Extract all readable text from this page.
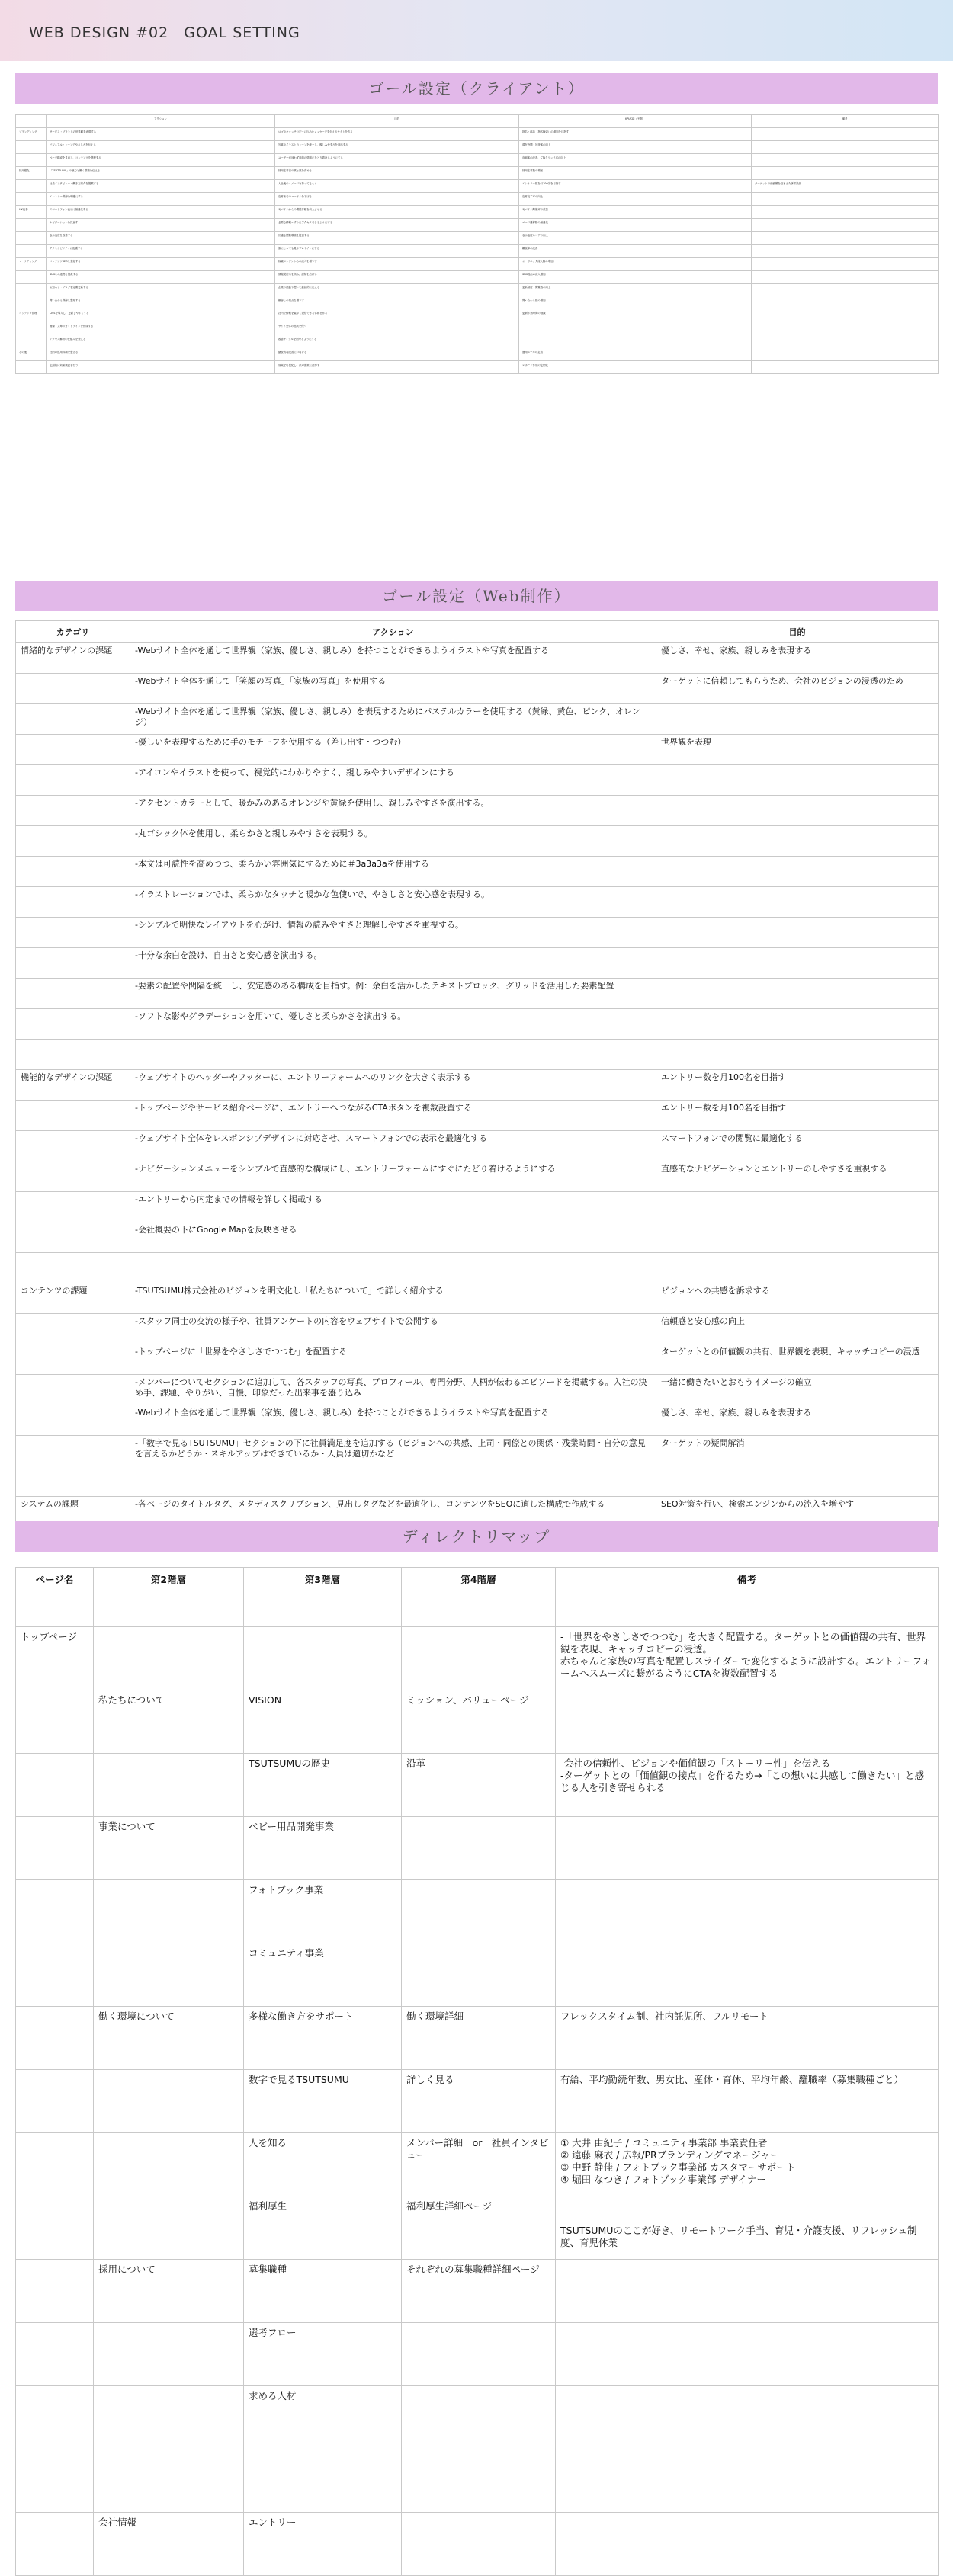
WEB DESIGN #02　GOAL SETTING
ゴール設定（クライアント）
	アクション	目的	KPI/KGI（予測）	備考
ブランディング	サービス・ブランドの世界観を表現する	ロゴやキャッチコピーに込めたメッセージを伝えるサイトを作る	指名・再訪（指名検索）の増加を目指す	
	ビジュアル・トーンでやさしさを伝える	写真やイラストのトーンを統一し、親しみやすさを演出する	滞在時間・回遊率の向上	
	ページ構成を見直し、コンテンツを整理する	ユーザーが迷わず目的の情報にたどり着けるようにする	直帰率の改善、CTAクリック率の向上	
採用強化	「TSUTSUMU」の魅力と働く環境を伝える	採用応募者の質と数を高める	採用応募数の増加	
	社員インタビュー・働き方紹介を掲載する	入社後のイメージを持ってもらう	エントリー数を月100名を目指す	ターゲットの価値観を踏まえた訴求設計
	エントリー導線を明確にする	応募までのハードルを下げる	応募完了率の向上	
UX改善	スマートフォン表示に最適化する	モバイルからの閲覧体験を向上させる	モバイル離脱率の改善	
	ナビゲーションを見直す	必要な情報へすぐにアクセスできるようにする	ページ遷移数の最適化	
	表示速度を改善する	快適な閲覧環境を提供する	表示速度スコアの向上	
	アクセシビリティに配慮する	誰にとっても見やすいサイトにする	離脱率の改善	
マーケティング	コンテンツSEOを強化する	検索エンジンからの流入を増やす	オーガニック流入数の増加	
	SNSとの連携を強化する	情報発信力を高め、認知を広げる	SNS経由の流入増加	
	お知らせ・ブログを定期更新する	企業の活動や想いを継続的に伝える	更新頻度・閲覧数の向上	
	問い合わせ導線を整理する	顧客との接点を増やす	問い合わせ数の増加	
コンテンツ管理	CMSを導入し、更新しやすくする	社内で情報を素早く発信できる体制を作る	更新作業時間の削減	
	画像・文章のガイドラインを作成する	サイト全体の品質を保つ		
	アクセス解析の仕組みを整える	改善サイクルを回せるようにする		
その他	社内の運用体制を整える	継続的な改善につなげる	運用ルールの定着	
	定期的に効果検証を行う	成果を可視化し、次の施策に活かす	レポート作成の定例化	
ゴール設定（Web制作）
カテゴリ	アクション	目的
情緒的なデザインの課題	-Webサイト全体を通して世界観（家族、優しさ、親しみ）を持つことができるようイラストや写真を配置する	優しさ、幸せ、家族、親しみを表現する
	-Webサイト全体を通して「笑顔の写真」「家族の写真」を使用する	ターゲットに信頼してもらうため、会社のビジョンの浸透のため
	-Webサイト全体を通して世界観（家族、優しさ、親しみ）を表現するためにパステルカラーを使用する（黄緑、黄色、ピンク、オレンジ）	
	-優しいを表現するために手のモチーフを使用する（差し出す・つつむ）	世界観を表現
	-アイコンやイラストを使って、視覚的にわかりやすく、親しみやすいデザインにする	
	-アクセントカラーとして、暖かみのあるオレンジや黄緑を使用し、親しみやすさを演出する。	
	-丸ゴシック体を使用し、柔らかさと親しみやすさを表現する。	
	-本文は可読性を高めつつ、柔らかい雰囲気にするために＃3a3a3aを使用する	
	-イラストレーションでは、柔らかなタッチと暖かな色使いで、やさしさと安心感を表現する。	
	-シンプルで明快なレイアウトを心がけ、情報の読みやすさと理解しやすさを重視する。	
	-十分な余白を設け、自由さと安心感を演出する。	
	-要素の配置や間隔を統一し、安定感のある構成を目指す。例：余白を活かしたテキストブロック、グリッドを活用した要素配置	
	-ソフトな影やグラデーションを用いて、優しさと柔らかさを演出する。	

機能的なデザインの課題	-ウェブサイトのヘッダーやフッターに、エントリーフォームへのリンクを大きく表示する	エントリー数を月100名を目指す
	-トップページやサービス紹介ページに、エントリーへつながるCTAボタンを複数設置する	エントリー数を月100名を目指す
	-ウェブサイト全体をレスポンシブデザインに対応させ、スマートフォンでの表示を最適化する	スマートフォンでの閲覧に最適化する
	-ナビゲーションメニューをシンプルで直感的な構成にし、エントリーフォームにすぐにたどり着けるようにする	直感的なナビゲーションとエントリーのしやすさを重視する
	-エントリーから内定までの情報を詳しく掲載する	
	-会社概要の下にGoogle Mapを反映させる	

コンテンツの課題	-TSUTSUMU株式会社のビジョンを明文化し「私たちについて」で詳しく紹介する	ビジョンへの共感を訴求する
	-スタッフ同士の交流の様子や、社員アンケートの内容をウェブサイトで公開する	信頼感と安心感の向上
	-トップページに「世界をやさしさでつつむ」を配置する	ターゲットとの価値観の共有、世界観を表現、キャッチコピーの浸透
	-メンバーについてセクションに追加して、各スタッフの写真、プロフィール、専門分野、人柄が伝わるエピソードを掲載する。入社の決め手、課題、やりがい、自慢、印象だった出来事を盛り込み	一緒に働きたいとおもうイメージの確立
	-Webサイト全体を通して世界観（家族、優しさ、親しみ）を持つことができるようイラストや写真を配置する	優しさ、幸せ、家族、親しみを表現する
	-「数字で見るTSUTSUMU」セクションの下に社員満足度を追加する（ビジョンへの共感、上司・同僚との関係・残業時間・自分の意見を言えるかどうか・スキルアップはできているか・人員は適切かなど	ターゲットの疑問解消

システムの課題	-各ページのタイトルタグ、メタディスクリプション、見出しタグなどを最適化し、コンテンツをSEOに適した構成で作成する	SEO対策を行い、検索エンジンからの流入を増やす
ディレクトリマップ
ページ名	第2階層	第3階層	第4階層	備考
トップページ				-「世界をやさしさでつつむ」を大きく配置する。ターゲットとの価値観の共有、世界観を表現、キャッチコピーの浸透。
赤ちゃんと家族の写真を配置しスライダーで変化するように設計する。エントリーフォームへスムーズに繋がるようにCTAを複数配置する
	私たちについて	VISION	ミッション、バリューページ	
		TSUTSUMUの歴史	沿革	-会社の信頼性、ビジョンや価値観の「ストーリー性」を伝える
-ターゲットとの「価値観の接点」を作るため→「この想いに共感して働きたい」と感じる人を引き寄せられる
	事業について	ベビー用品開発事業		
		フォトブック事業		
		コミュニティ事業		
	働く環境について	多様な働き方をサポート	働く環境詳細	フレックスタイム制、社内託児所、フルリモート
		数字で見るTSUTSUMU	詳しく見る	有給、平均勤続年数、男女比、産休・育休、平均年齢、離職率（募集職種ごと）
		人を知る	メンバー詳細　or　社員インタビュー	① 大井 由紀子 / コミュニティ事業部 事業責任者
② 遠藤 麻衣 / 広報/PRブランディングマネージャー
③ 中野 静佳 / フォトブック事業部 カスタマーサポート
④ 堀田 なつき / フォトブック事業部 デザイナー
		福利厚生	福利厚生詳細ページ	

TSUTSUMUのここが好き、リモートワーク手当、育児・介護支援、リフレッシュ制度、育児休業
	採用について	募集職種	それぞれの募集職種詳細ページ	
		選考フロー		
		求める人材		

	会社情報	エントリー		
